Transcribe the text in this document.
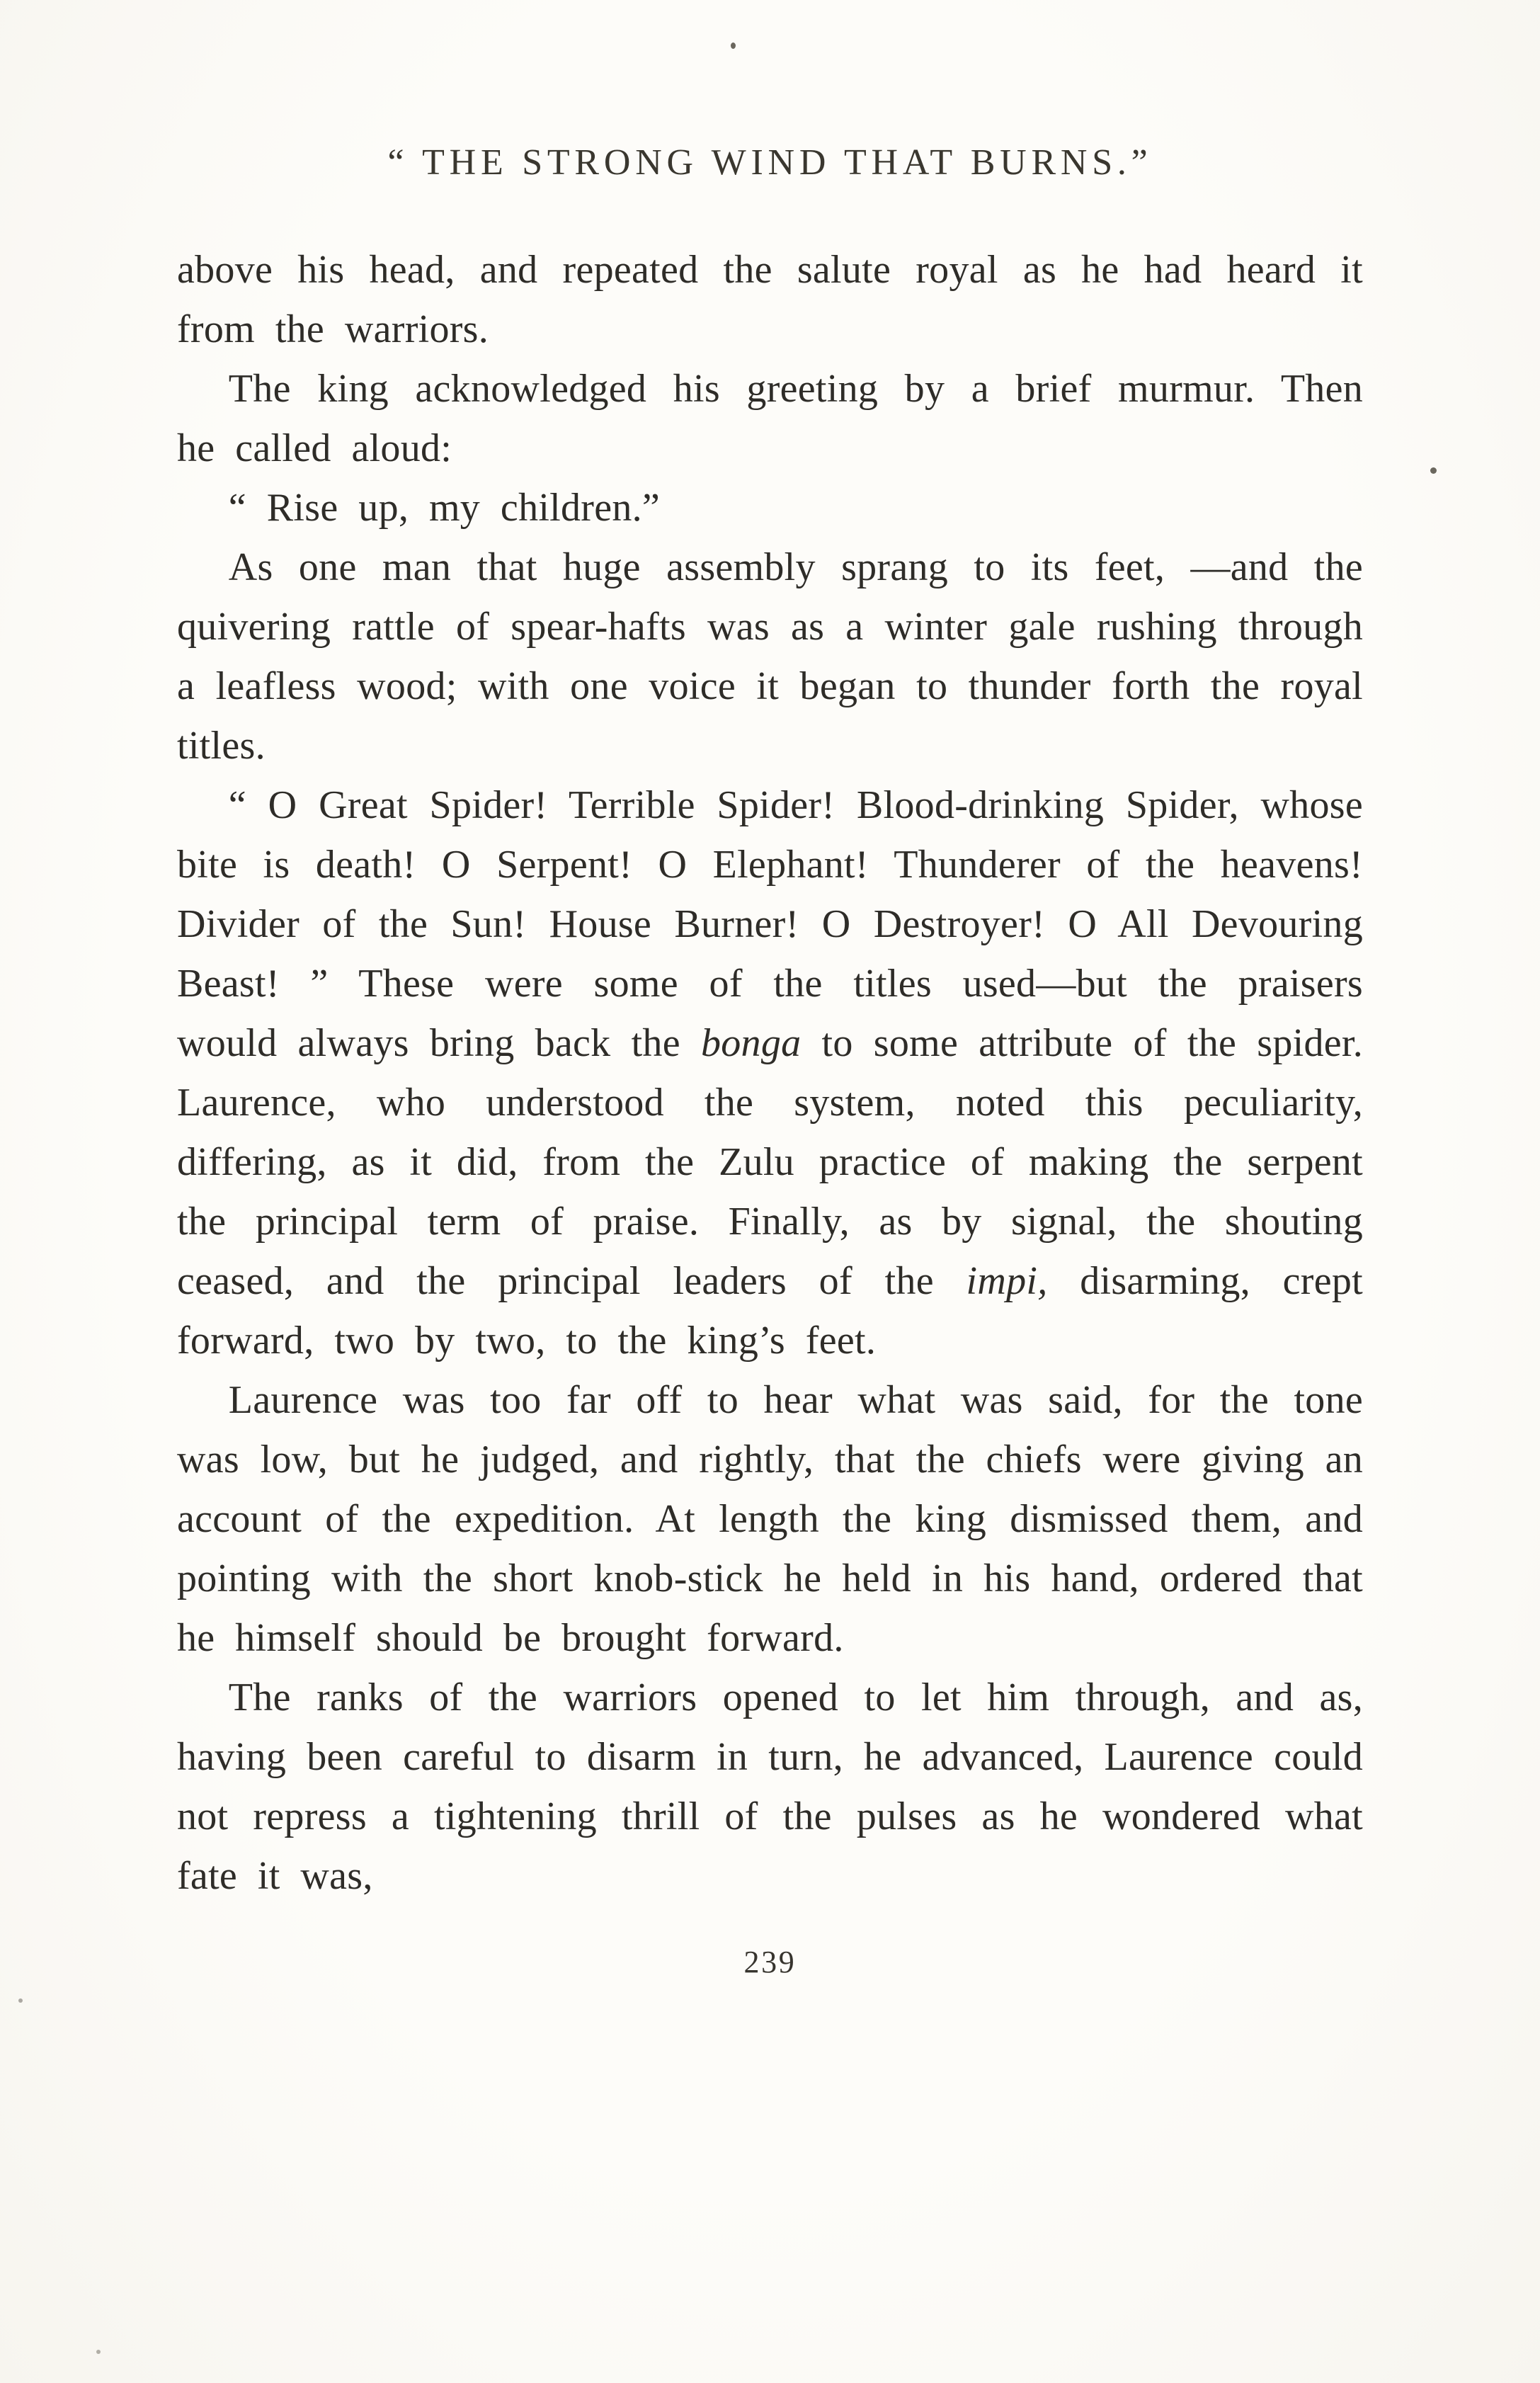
“ THE STRONG WIND THAT BURNS.”

above his head, and repeated the salute royal as he had heard it from the warriors.

The king acknowledged his greeting by a brief murmur. Then he called aloud:

“ Rise up, my children.”

As one man that huge assembly sprang to its feet, —and the quivering rattle of spear-hafts was as a winter gale rushing through a leafless wood; with one voice it began to thunder forth the royal titles.

“ O Great Spider! Terrible Spider! Blood-drinking Spider, whose bite is death! O Serpent! O Elephant! Thunderer of the heavens! Divider of the Sun! House Burner! O Destroyer! O All Devouring Beast! ” These were some of the titles used—but the praisers would always bring back the bonga to some attribute of the spider. Laurence, who understood the system, noted this peculiarity, differing, as it did, from the Zulu practice of making the serpent the principal term of praise. Finally, as by signal, the shouting ceased, and the principal leaders of the impi, disarming, crept forward, two by two, to the king’s feet.

Laurence was too far off to hear what was said, for the tone was low, but he judged, and rightly, that the chiefs were giving an account of the expedition. At length the king dismissed them, and pointing with the short knob-stick he held in his hand, ordered that he himself should be brought forward.

The ranks of the warriors opened to let him through, and as, having been careful to disarm in turn, he advanced, Laurence could not repress a tightening thrill of the pulses as he wondered what fate it was,

239
